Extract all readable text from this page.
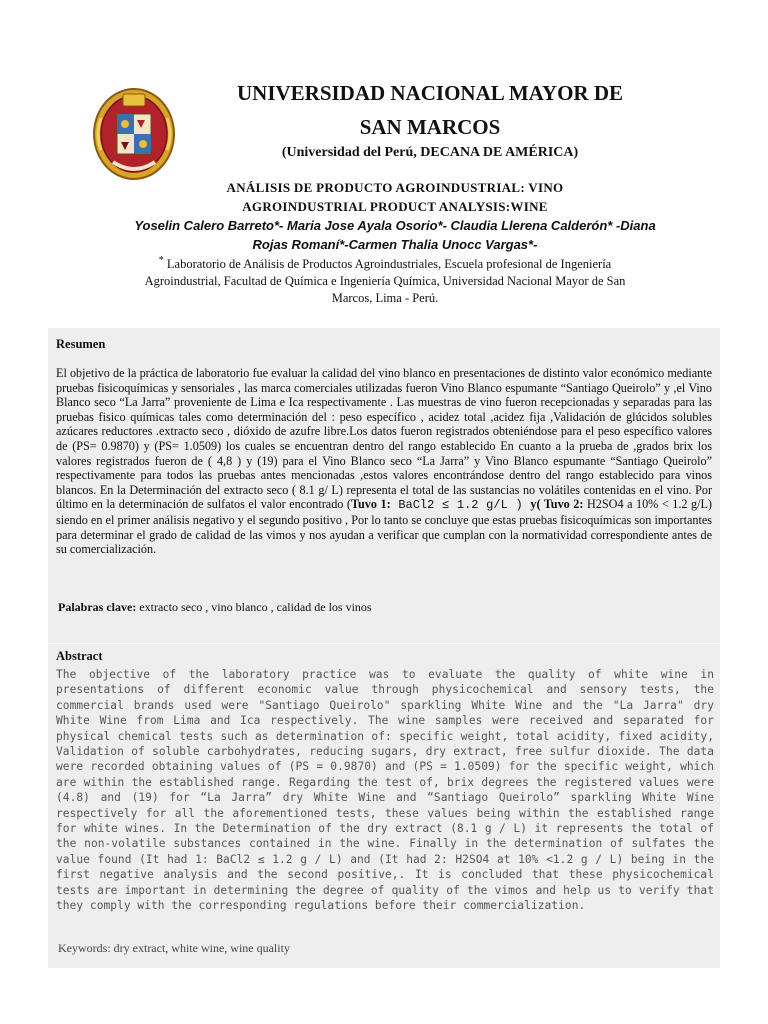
UNIVERSIDAD NACIONAL MAYOR DE
SAN MARCOS
(Universidad del Perú, DECANA DE AMÉRICA)
ANÁLISIS DE PRODUCTO AGROINDUSTRIAL: VINO
AGROINDUSTRIAL PRODUCT ANALYSIS:WINE
Yoselin Calero Barreto*- Maria Jose Ayala Osorio*- Claudia Llerena Calderón* -Diana
Rojas Romaní*-Carmen Thalia Unocc Vargas*-
* Laboratorio de Análisis de Productos Agroindustriales, Escuela profesional de Ingeniería
Agroindustrial, Facultad de Química e Ingeniería Química, Universidad Nacional Mayor de San
Marcos, Lima - Perú.
Resumen
El objetivo de la práctica de laboratorio fue evaluar la calidad del vino blanco en presentaciones de distinto valor económico mediante pruebas fisicoquímicas y sensoriales , las marca comerciales utilizadas fueron Vino Blanco espumante “Santiago Queirolo” y ,el Vino Blanco seco “La Jarra” proveniente de Lima e Ica respectivamente . Las muestras de vino fueron recepcionadas y separadas para las pruebas fisico químicas tales como determinación del : peso específico , acidez total ,acidez fija ,Validación de glúcidos solubles azúcares reductores .extracto seco , dióxido de azufre libre.Los datos fueron registrados obteniéndose para el peso específico valores de (PS= 0.9870) y (PS= 1.0509) los cuales se encuentran dentro del rango establecido En cuanto a la prueba de ,grados brix los valores registrados fueron de ( 4,8 ) y (19) para el Vino Blanco seco “La Jarra” y Vino Blanco espumante “Santiago Queirolo” respectivamente para todos las pruebas antes mencionadas ,estos valores encontrándose dentro del rango establecido para vinos blancos. En la Determinación del extracto seco ( 8.1 g/ L) representa el total de las sustancias no volátiles contenidas en el vino. Por último en la determinación de sulfatos el valor encontrado (Tuvo 1: BaCl2 ≤ 1.2 g/L ) y( Tuvo 2: H2SO4 a 10% < 1.2 g/L) siendo en el primer análisis negativo y el segundo positivo , Por lo tanto se concluye que estas pruebas fisicoquímicas son importantes para determinar el grado de calidad de las vimos y nos ayudan a verificar que cumplan con la normatividad correspondiente antes de su comercialización.
Palabras clave: extracto seco , vino blanco , calidad de los vinos
Abstract
The objective of the laboratory practice was to evaluate the quality of white wine in presentations of different economic value through physicochemical and sensory tests, the commercial brands used were "Santiago Queirolo" sparkling White Wine and the "La Jarra" dry White Wine from Lima and Ica respectively. The wine samples were received and separated for physical chemical tests such as determination of: specific weight, total acidity, fixed acidity, Validation of soluble carbohydrates, reducing sugars, dry extract, free sulfur dioxide. The data were recorded obtaining values of (PS = 0.9870) and (PS = 1.0509) for the specific weight, which are within the established range. Regarding the test of, brix degrees the registered values were (4.8) and (19) for “La Jarra” dry White Wine and “Santiago Queirolo” sparkling White Wine respectively for all the aforementioned tests, these values being within the established range for white wines. In the Determination of the dry extract (8.1 g / L) it represents the total of the non-volatile substances contained in the wine. Finally in the determination of sulfates the value found (It had 1: BaCl2 ≤ 1.2 g / L) and (It had 2: H2SO4 at 10% <1.2 g / L) being in the first negative analysis and the second positive,. It is concluded that these physicochemical tests are important in determining the degree of quality of the vimos and help us to verify that they comply with the corresponding regulations before their commercialization.
Keywords: dry extract, white wine, wine quality
